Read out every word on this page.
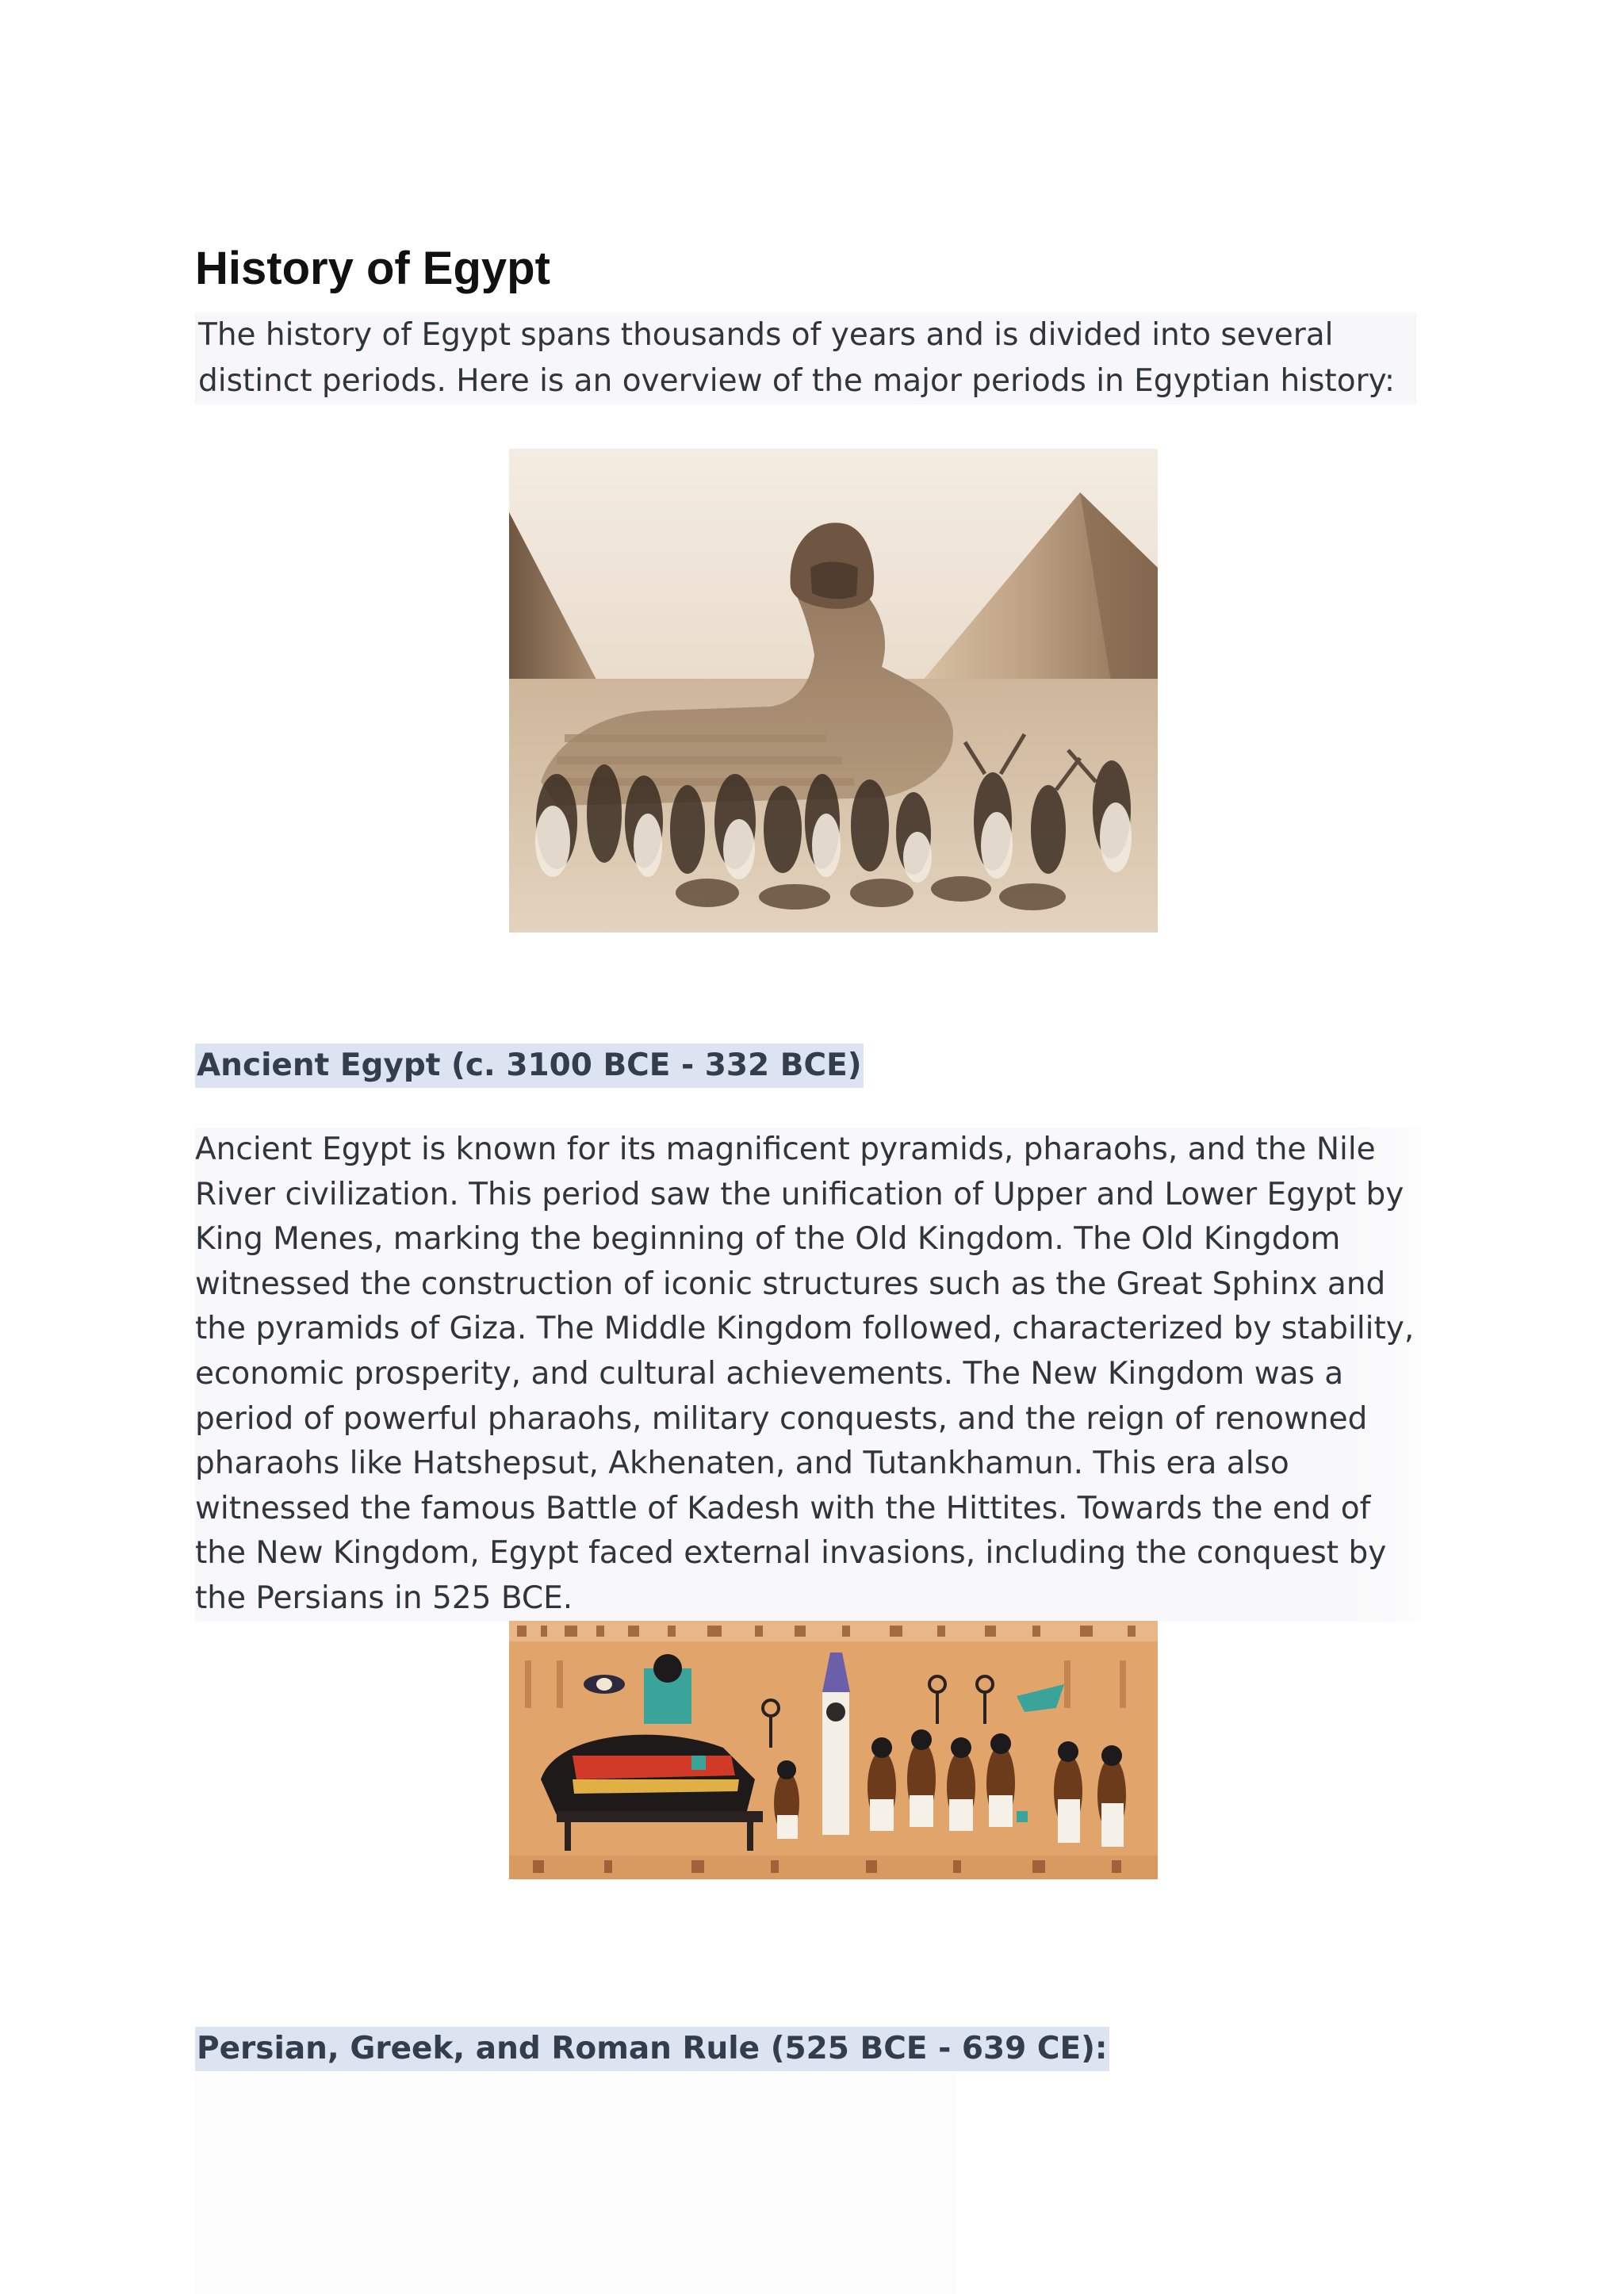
History of Egypt

The history of Egypt spans thousands of years and is divided into several distinct periods. Here is an overview of the major periods in Egyptian history:

Ancient Egypt (c. 3100 BCE - 332 BCE)

Ancient Egypt is known for its magnificent pyramids, pharaohs, and the Nile River civilization. This period saw the unification of Upper and Lower Egypt by King Menes, marking the beginning of the Old Kingdom. The Old Kingdom witnessed the construction of iconic structures such as the Great Sphinx and the pyramids of Giza. The Middle Kingdom followed, characterized by stability, economic prosperity, and cultural achievements. The New Kingdom was a period of powerful pharaohs, military conquests, and the reign of renowned pharaohs like Hatshepsut, Akhenaten, and Tutankhamun. This era also witnessed the famous Battle of Kadesh with the Hittites. Towards the end of the New Kingdom, Egypt faced external invasions, including the conquest by the Persians in 525 BCE.

Persian, Greek, and Roman Rule (525 BCE - 639 CE):
